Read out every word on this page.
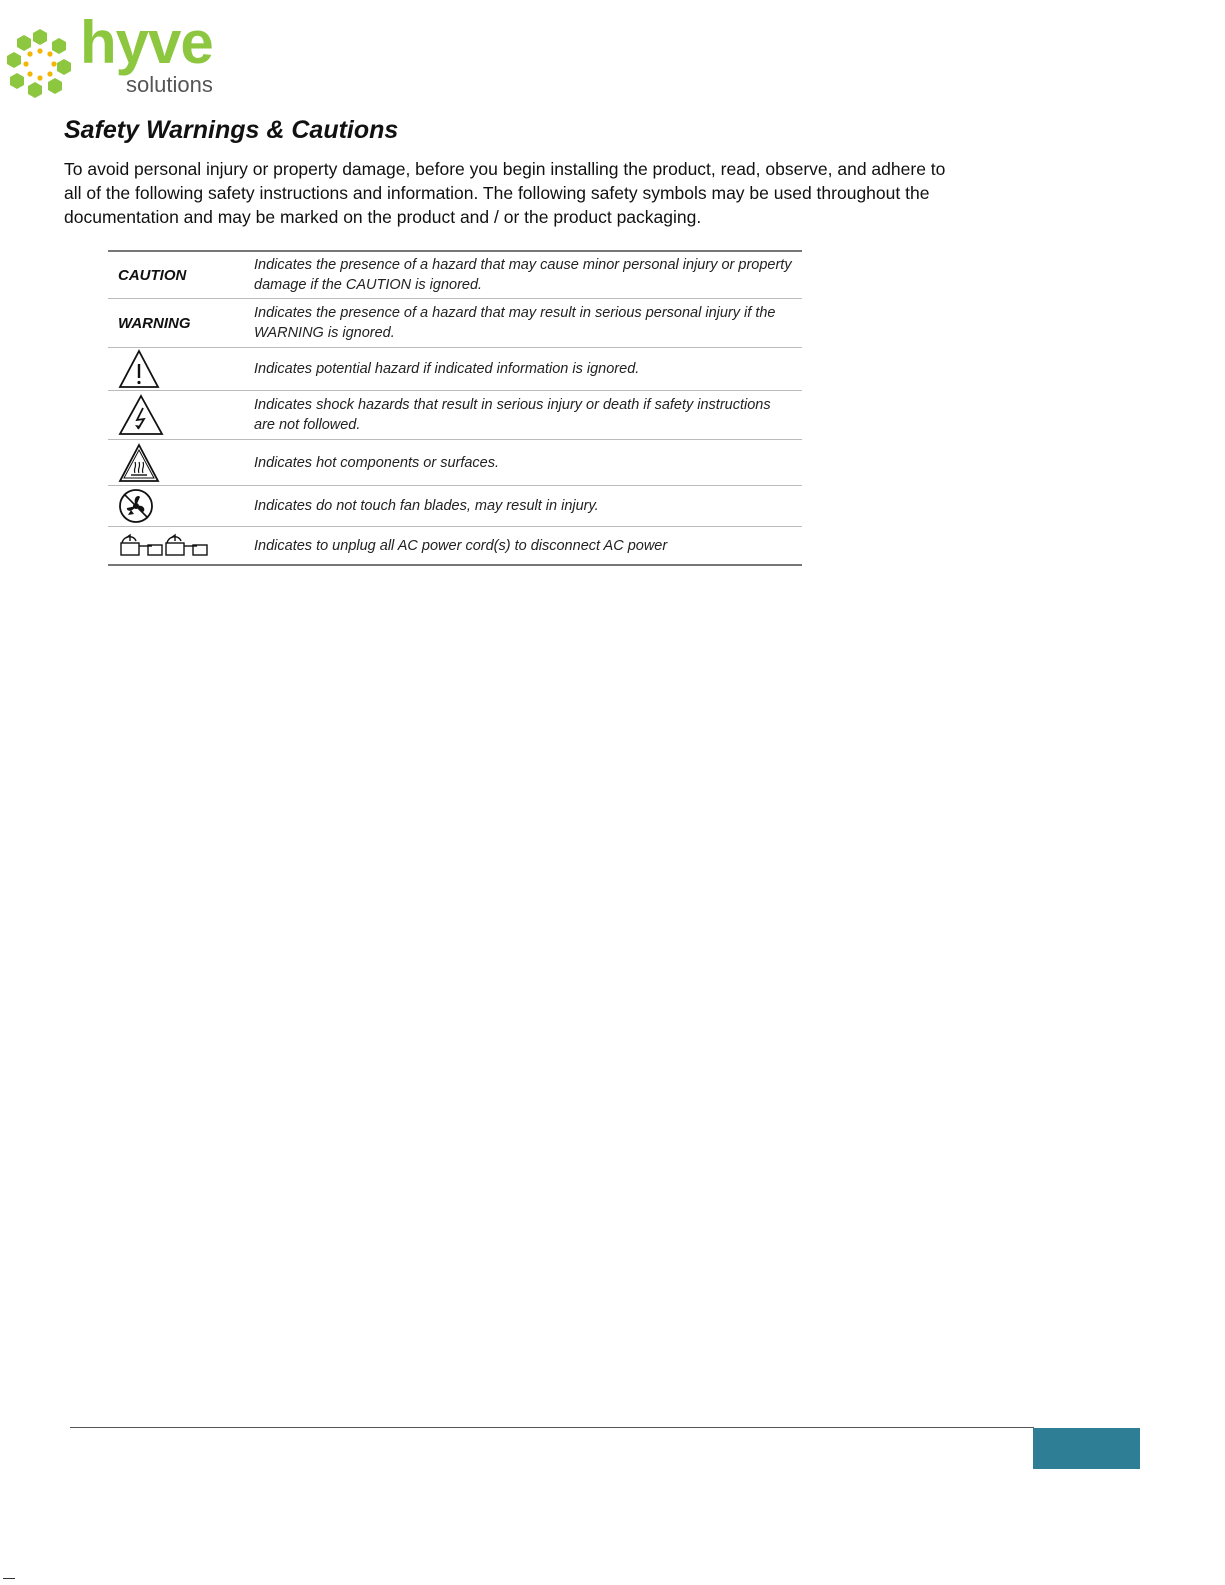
hyve
solutions
Safety Warnings & Cautions

To avoid personal injury or property damage, before you begin installing the product, read, observe, and adhere to all of the following safety instructions and information. The following safety symbols may be used throughout the documentation and may be marked on the product and / or the product packaging.

CAUTION
Indicates the presence of a hazard that may cause minor personal injury or property damage if the CAUTION is ignored.
WARNING
Indicates the presence of a hazard that may result in serious personal injury if the WARNING is ignored.
Indicates potential hazard if indicated information is ignored.
Indicates shock hazards that result in serious injury or death if safety instructions are not followed.
Indicates hot components or surfaces.
Indicates do not touch fan blades, may result in injury.
Indicates to unplug all AC power cord(s) to disconnect AC power
